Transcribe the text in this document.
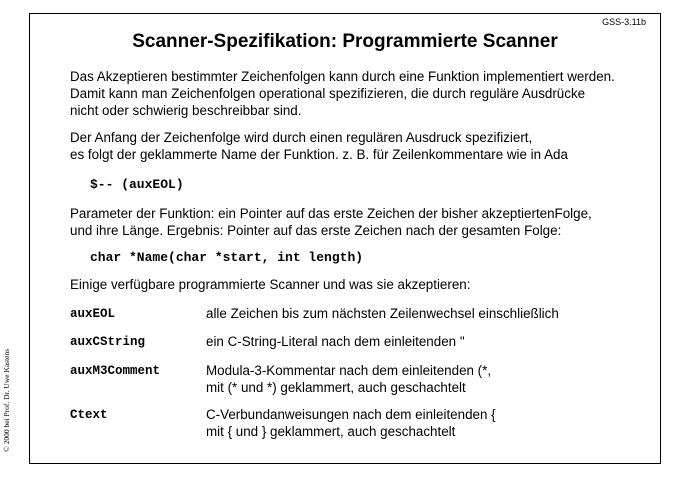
GSS-3.11b
Scanner-Spezifikation: Programmierte Scanner
Das Akzeptieren bestimmter Zeichenfolgen kann durch eine Funktion implementiert werden.
Damit kann man Zeichenfolgen operational spezifizieren, die durch reguläre Ausdrücke
nicht oder schwierig beschreibbar sind.
Der Anfang der Zeichenfolge wird durch einen regulären Ausdruck spezifiziert,
es folgt der geklammerte Name der Funktion. z. B. für Zeilenkommentare wie in Ada
$-- (auxEOL)
Parameter der Funktion: ein Pointer auf das erste Zeichen der bisher akzeptiertenFolge,
und ihre Länge. Ergebnis: Pointer auf das erste Zeichen nach der gesamten Folge:
char *Name(char *start, int length)
Einige verfügbare programmierte Scanner und was sie akzeptieren:
auxEOL	alle Zeichen bis zum nächsten Zeilenwechsel einschließlich
auxCString	ein C-String-Literal nach dem einleitenden "
auxM3Comment	Modula-3-Kommentar nach dem einleitenden (*,
mit (* und *) geklammert, auch geschachtelt
Ctext	C-Verbundanweisungen nach dem einleitenden {
mit { und } geklammert, auch geschachtelt
© 2000 bei Prof. Dr. Uwe Kastens
